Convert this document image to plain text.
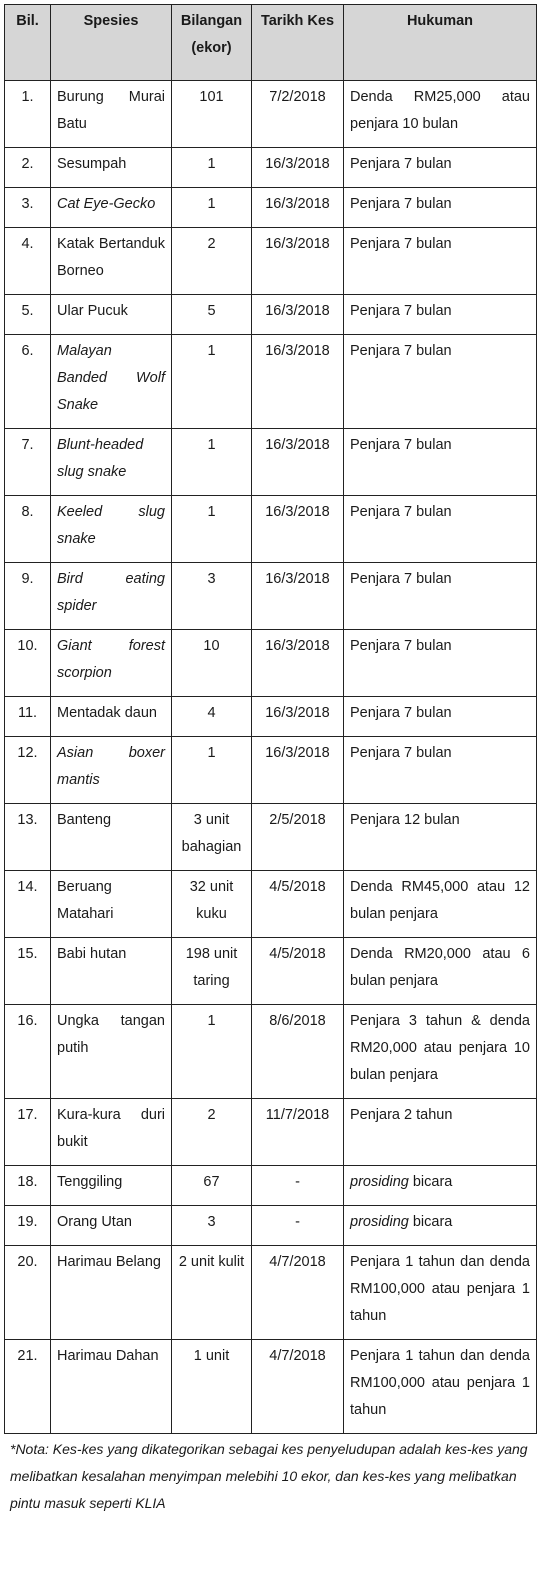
Bil.	Spesies	Bilangan (ekor)	Tarikh Kes	Hukuman
1.	Burung Murai Batu	101	7/2/2018	Denda RM25,000 atau penjara 10 bulan
2.	Sesumpah	1	16/3/2018	Penjara 7 bulan
3.	Cat Eye-Gecko	1	16/3/2018	Penjara 7 bulan
4.	Katak Bertanduk Borneo	2	16/3/2018	Penjara 7 bulan
5.	Ular Pucuk	5	16/3/2018	Penjara 7 bulan
6.	Malayan Banded Wolf Snake	1	16/3/2018	Penjara 7 bulan
7.	Blunt-headed slug snake	1	16/3/2018	Penjara 7 bulan
8.	Keeled slug snake	1	16/3/2018	Penjara 7 bulan
9.	Bird eating spider	3	16/3/2018	Penjara 7 bulan
10.	Giant forest scorpion	10	16/3/2018	Penjara 7 bulan
11.	Mentadak daun	4	16/3/2018	Penjara 7 bulan
12.	Asian boxer mantis	1	16/3/2018	Penjara 7 bulan
13.	Banteng	3 unit bahagian	2/5/2018	Penjara 12 bulan
14.	Beruang Matahari	32 unit kuku	4/5/2018	Denda RM45,000 atau 12 bulan penjara
15.	Babi hutan	198 unit taring	4/5/2018	Denda RM20,000 atau 6 bulan penjara
16.	Ungka tangan putih	1	8/6/2018	Penjara 3 tahun & denda RM20,000 atau penjara 10 bulan penjara
17.	Kura-kura duri bukit	2	11/7/2018	Penjara 2 tahun
18.	Tenggiling	67	-	prosiding bicara
19.	Orang Utan	3	-	prosiding bicara
20.	Harimau Belang	2 unit kulit	4/7/2018	Penjara 1 tahun dan denda RM100,000 atau penjara 1 tahun
21.	Harimau Dahan	1 unit	4/7/2018	Penjara 1 tahun dan denda RM100,000 atau penjara 1 tahun
*Nota: Kes-kes yang dikategorikan sebagai kes penyeludupan adalah kes-kes yang melibatkan kesalahan menyimpan melebihi 10 ekor, dan kes-kes yang melibatkan pintu masuk seperti KLIA
